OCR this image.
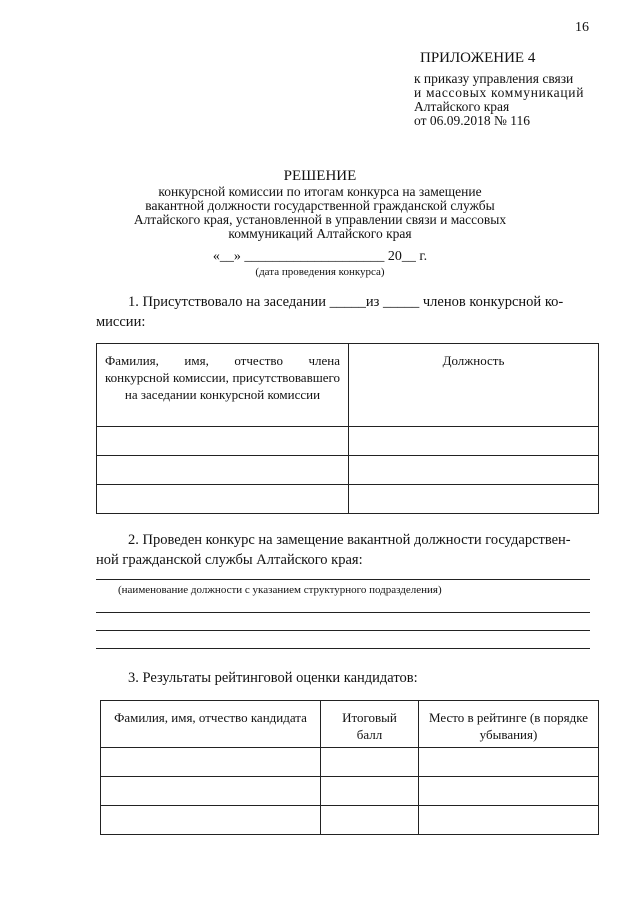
16
ПРИЛОЖЕНИЕ 4
к приказу управления связи
и массовых коммуникаций
Алтайского края
от 06.09.2018 № 116
РЕШЕНИЕ
конкурсной комиссии по итогам конкурса на замещение
вакантной должности государственной гражданской службы
Алтайского края, установленной в управлении связи и массовых
коммуникаций Алтайского края
«__» ____________________ 20__ г.
(дата проведения конкурса)
1. Присутствовало на заседании _____из _____ членов конкурсной ко-
миссии:
Фамилия, имя, отчество члена конкурсной комиссии, присутствовавшего на заседании конкурсной комиссии	Должность

2. Проведен конкурс на замещение вакантной должности государствен-
ной гражданской службы Алтайского края:
(наименование должности с указанием структурного подразделения)
3. Результаты рейтинговой оценки кандидатов:
Фамилия, имя, отчество кандидата	Итоговый балл	Место в рейтинге (в порядке убывания)
